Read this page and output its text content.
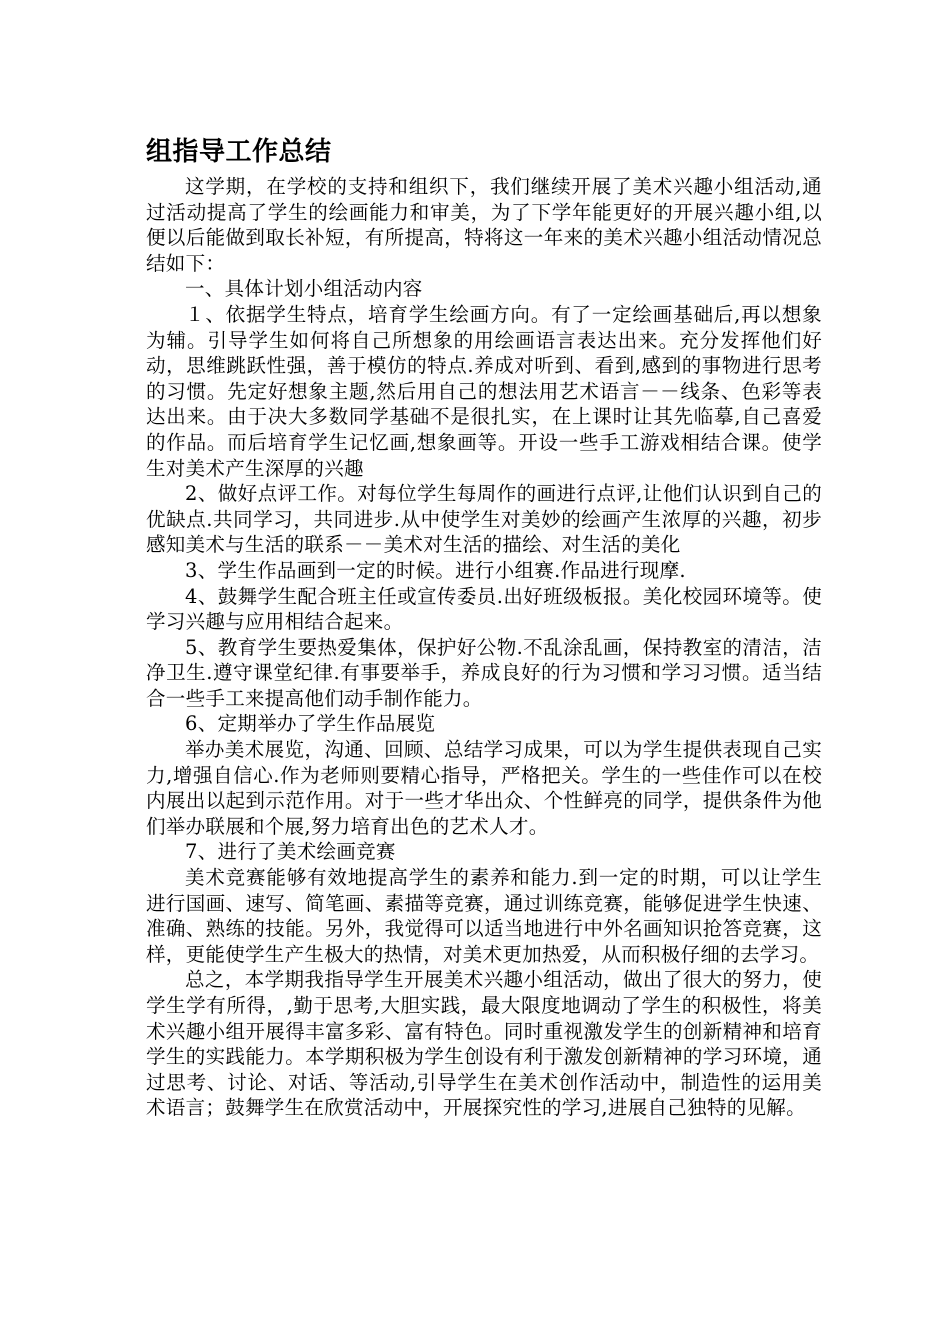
组指导工作总结

这学期，在学校的支持和组织下，我们继续开展了美术兴趣小组活动,通过活动提高了学生的绘画能力和审美，为了下学年能更好的开展兴趣小组,以便以后能做到取长补短，有所提高，特将这一年来的美术兴趣小组活动情况总结如下：

一、具体计划小组活动内容

１、依据学生特点，培育学生绘画方向。有了一定绘画基础后,再以想象为辅。引导学生如何将自己所想象的用绘画语言表达出来。充分发挥他们好动，思维跳跃性强，善于模仿的特点.养成对听到、看到,感到的事物进行思考的习惯。先定好想象主题,然后用自己的想法用艺术语言－－线条、色彩等表达出来。由于决大多数同学基础不是很扎实，在上课时让其先临摹,自己喜爱的作品。而后培育学生记忆画,想象画等。开设一些手工游戏相结合课。使学生对美术产生深厚的兴趣

2、做好点评工作。对每位学生每周作的画进行点评,让他们认识到自己的优缺点.共同学习，共同进步.从中使学生对美妙的绘画产生浓厚的兴趣，初步感知美术与生活的联系－－美术对生活的描绘、对生活的美化

3、学生作品画到一定的时候。进行小组赛.作品进行现摩.

4、鼓舞学生配合班主任或宣传委员.出好班级板报。美化校园环境等。使学习兴趣与应用相结合起来。

5、教育学生要热爱集体，保护好公物.不乱涂乱画，保持教室的清洁，洁净卫生.遵守课堂纪律.有事要举手，养成良好的行为习惯和学习习惯。适当结合一些手工来提高他们动手制作能力。

6、定期举办了学生作品展览

举办美术展览，沟通、回顾、总结学习成果，可以为学生提供表现自己实力,增强自信心.作为老师则要精心指导，严格把关。学生的一些佳作可以在校内展出以起到示范作用。对于一些才华出众、个性鲜亮的同学，提供条件为他们举办联展和个展,努力培育出色的艺术人才。

7、进行了美术绘画竞赛

美术竞赛能够有效地提高学生的素养和能力.到一定的时期，可以让学生进行国画、速写、简笔画、素描等竞赛，通过训练竞赛，能够促进学生快速、准确、熟练的技能。另外，我觉得可以适当地进行中外名画知识抢答竞赛，这样，更能使学生产生极大的热情，对美术更加热爱，从而积极仔细的去学习。

总之，本学期我指导学生开展美术兴趣小组活动，做出了很大的努力，使学生学有所得，,勤于思考,大胆实践，最大限度地调动了学生的积极性，将美术兴趣小组开展得丰富多彩、富有特色。同时重视激发学生的创新精神和培育学生的实践能力。本学期积极为学生创设有利于激发创新精神的学习环境，通过思考、讨论、对话、等活动,引导学生在美术创作活动中，制造性的运用美术语言；鼓舞学生在欣赏活动中，开展探究性的学习,进展自己独特的见解。
